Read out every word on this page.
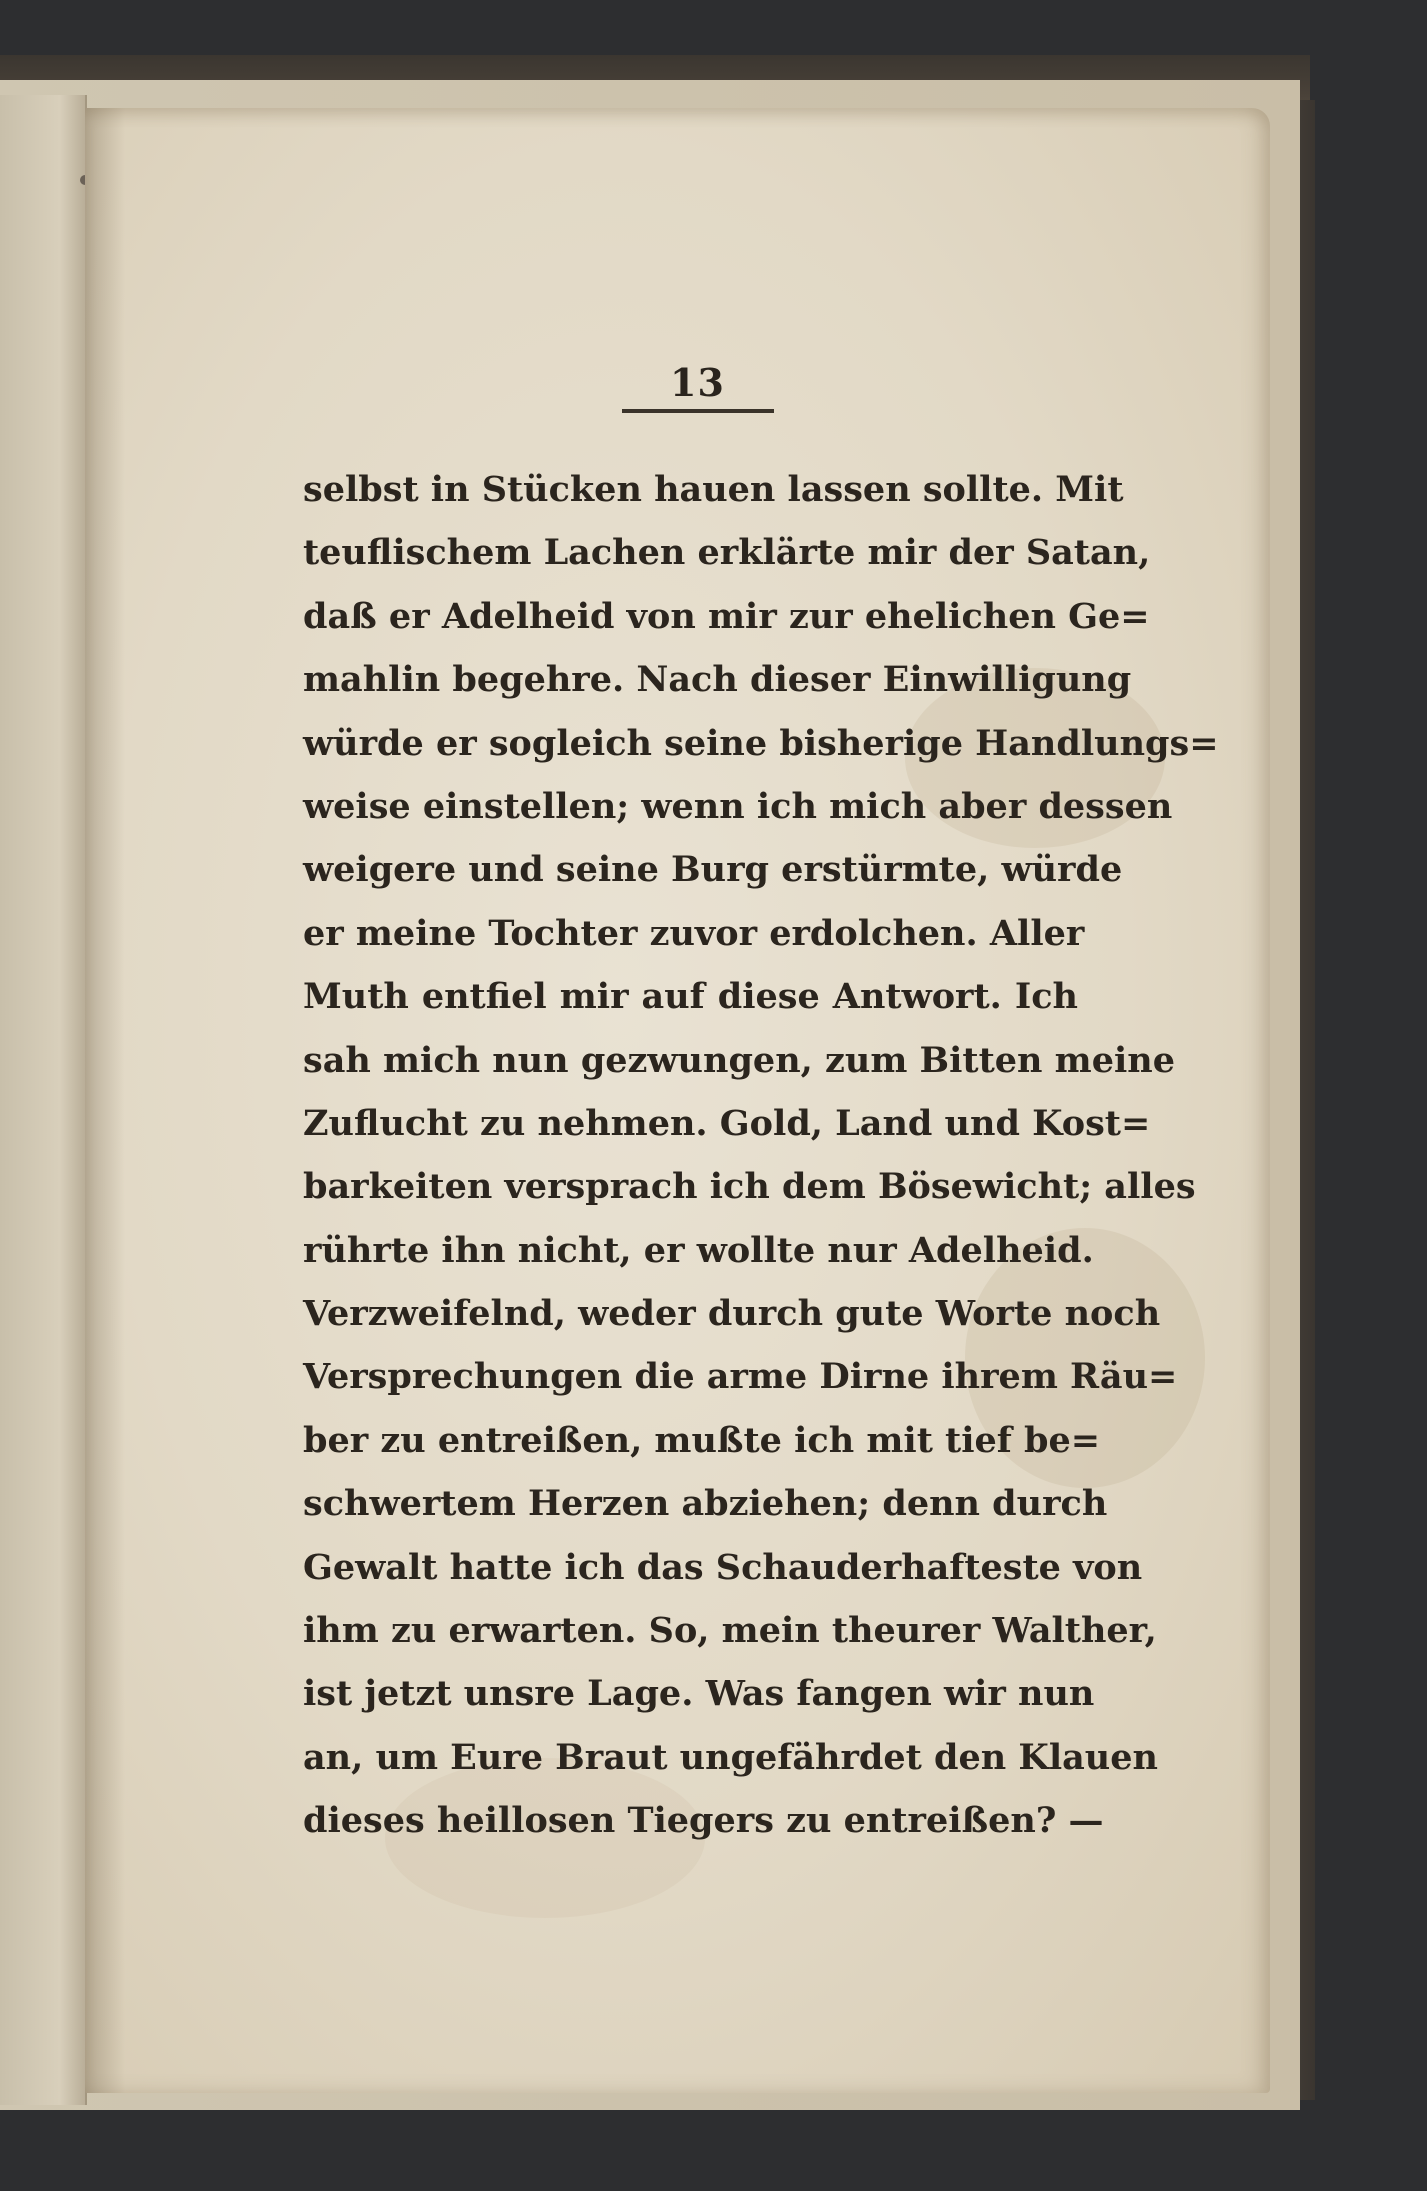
13
selbst in Stücken hauen lassen sollte. Mit
teuflischem Lachen erklärte mir der Satan,
daß er Adelheid von mir zur ehelichen Ge=
mahlin begehre. Nach dieser Einwilligung
würde er sogleich seine bisherige Handlungs=
weise einstellen; wenn ich mich aber dessen
weigere und seine Burg erstürmte, würde
er meine Tochter zuvor erdolchen. Aller
Muth entfiel mir auf diese Antwort. Ich
sah mich nun gezwungen, zum Bitten meine
Zuflucht zu nehmen. Gold, Land und Kost=
barkeiten versprach ich dem Bösewicht; alles
rührte ihn nicht, er wollte nur Adelheid.
Verzweifelnd, weder durch gute Worte noch
Versprechungen die arme Dirne ihrem Räu=
ber zu entreißen, mußte ich mit tief be=
schwertem Herzen abziehen; denn durch
Gewalt hatte ich das Schauderhafteste von
ihm zu erwarten. So, mein theurer Walther,
ist jetzt unsre Lage. Was fangen wir nun
an, um Eure Braut ungefährdet den Klauen
dieses heillosen Tiegers zu entreißen? —
